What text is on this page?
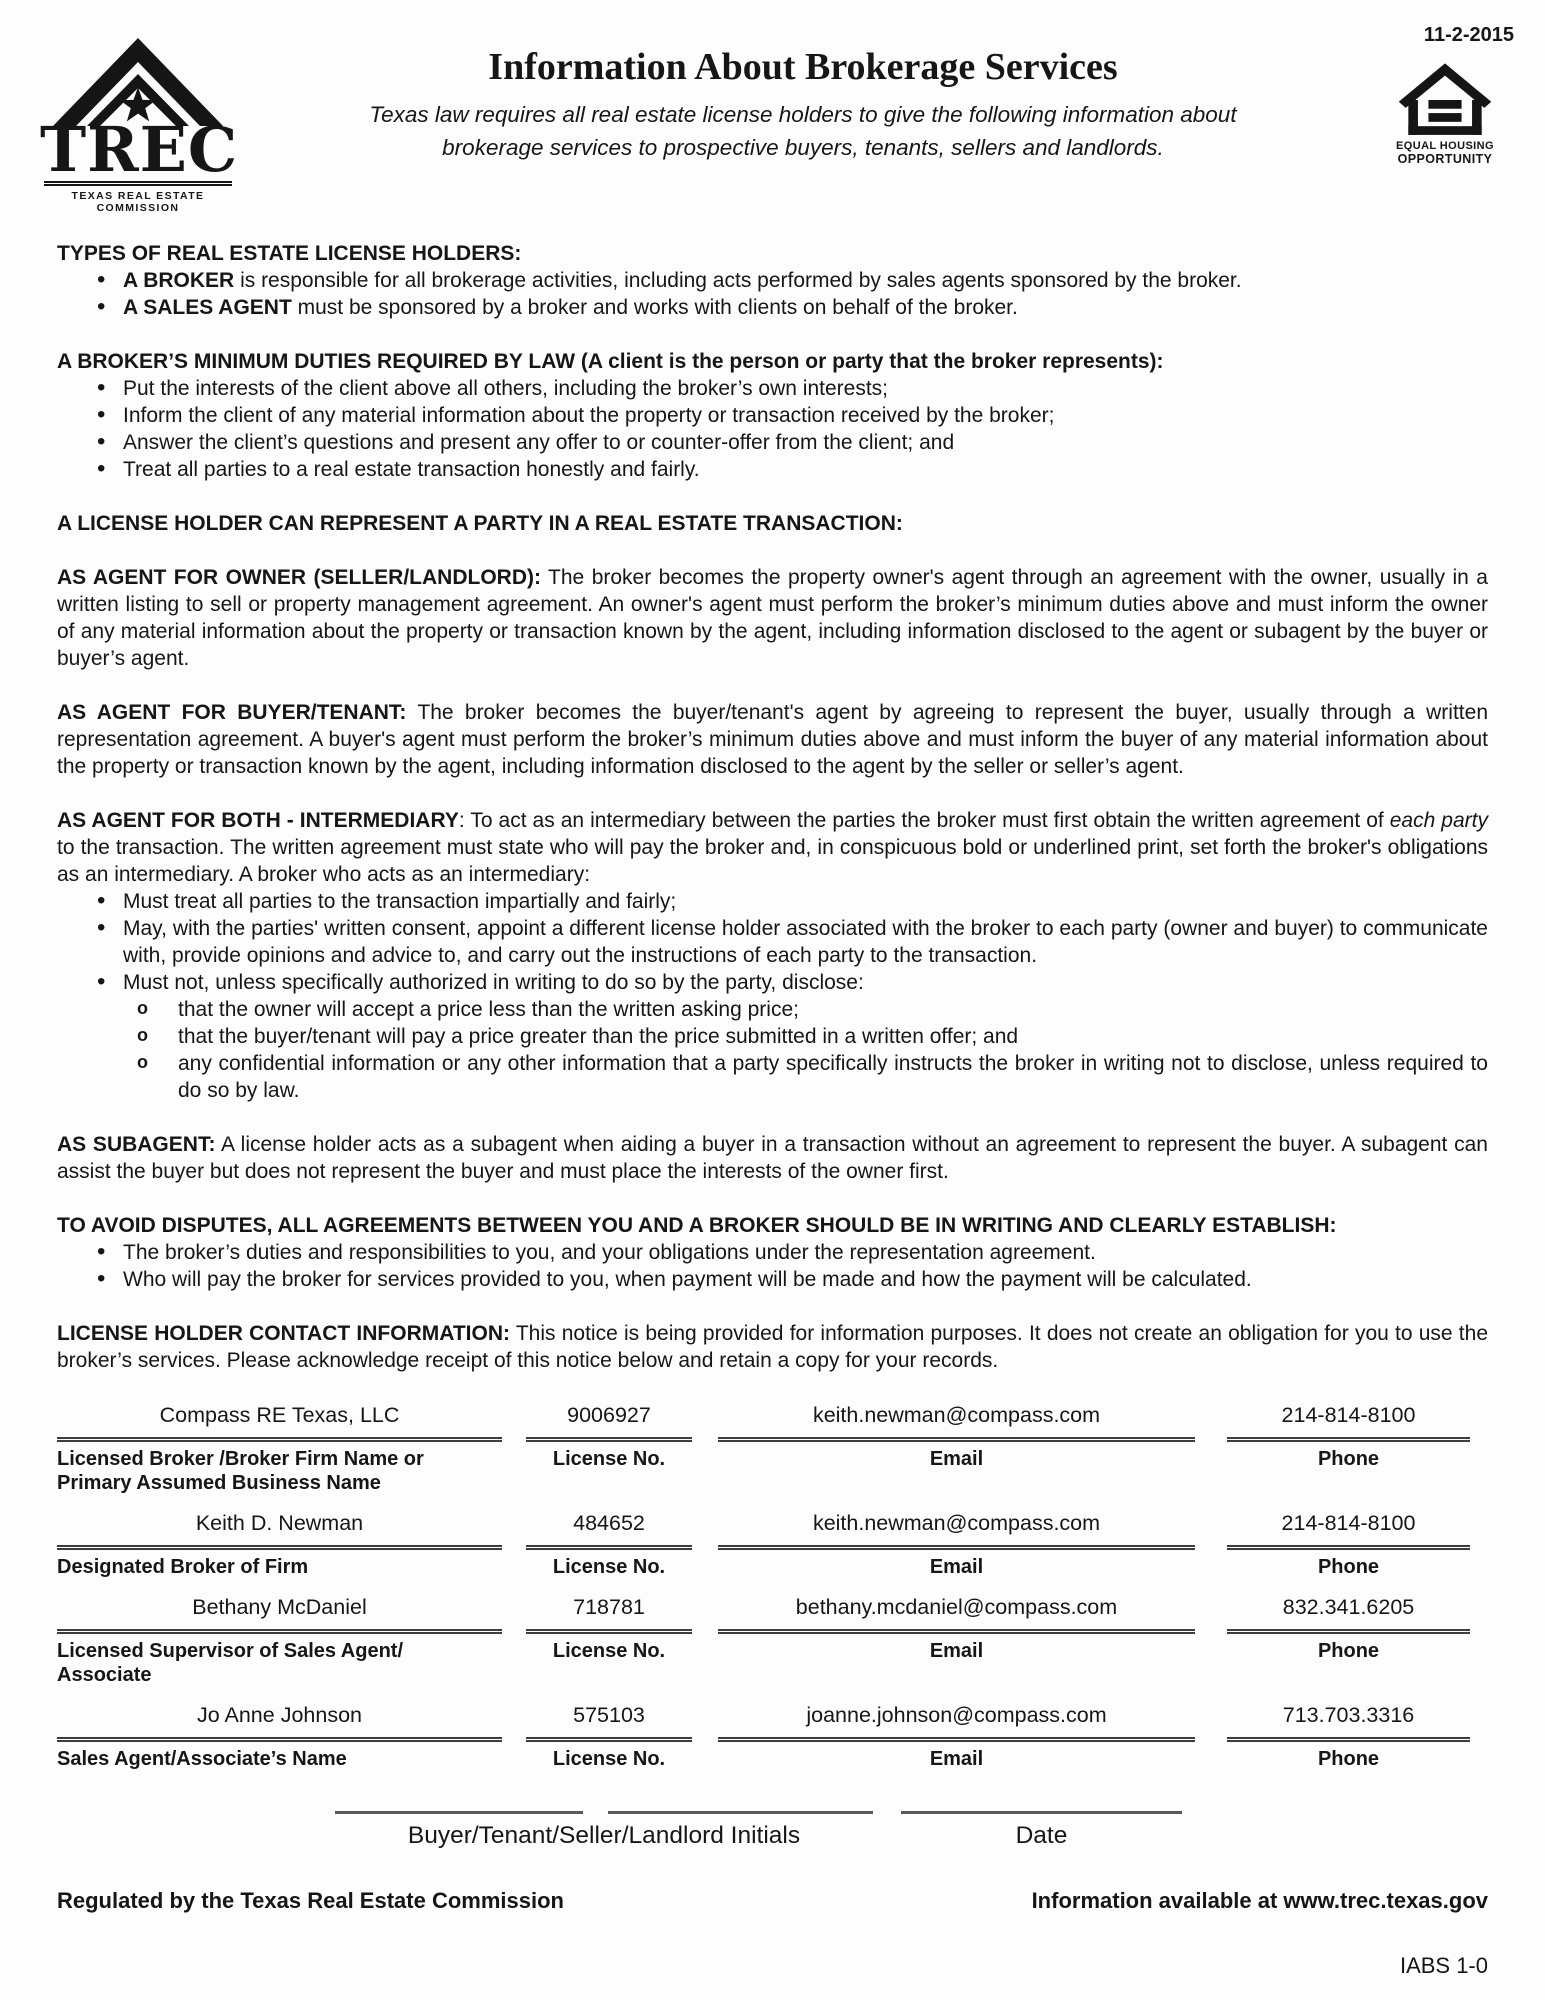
TREC
TEXAS REAL ESTATE COMMISSION
Information About Brokerage Services

Texas law requires all real estate license holders to give the following information about brokerage services to prospective buyers, tenants, sellers and landlords.

11-2-2015
EQUAL HOUSING
OPPORTUNITY
TYPES OF REAL ESTATE LICENSE HOLDERS:
• A BROKER is responsible for all brokerage activities, including acts performed by sales agents sponsored by the broker.
• A SALES AGENT must be sponsored by a broker and works with clients on behalf of the broker.
A BROKER’S MINIMUM DUTIES REQUIRED BY LAW (A client is the person or party that the broker represents):
• Put the interests of the client above all others, including the broker’s own interests;
• Inform the client of any material information about the property or transaction received by the broker;
• Answer the client’s questions and present any offer to or counter-offer from the client; and
• Treat all parties to a real estate transaction honestly and fairly.
A LICENSE HOLDER CAN REPRESENT A PARTY IN A REAL ESTATE TRANSACTION:
AS AGENT FOR OWNER (SELLER/LANDLORD): The broker becomes the property owner's agent through an agreement with the owner, usually in a written listing to sell or property management agreement. An owner's agent must perform the broker’s minimum duties above and must inform the owner of any material information about the property or transaction known by the agent, including information disclosed to the agent or subagent by the buyer or buyer’s agent.
AS AGENT FOR BUYER/TENANT: The broker becomes the buyer/tenant's agent by agreeing to represent the buyer, usually through a written representation agreement. A buyer's agent must perform the broker’s minimum duties above and must inform the buyer of any material information about the property or transaction known by the agent, including information disclosed to the agent by the seller or seller’s agent.
AS AGENT FOR BOTH - INTERMEDIARY: To act as an intermediary between the parties the broker must first obtain the written agreement of each party to the transaction. The written agreement must state who will pay the broker and, in conspicuous bold or underlined print, set forth the broker's obligations as an intermediary. A broker who acts as an intermediary:
• Must treat all parties to the transaction impartially and fairly;
• May, with the parties' written consent, appoint a different license holder associated with the broker to each party (owner and buyer) to communicate with, provide opinions and advice to, and carry out the instructions of each party to the transaction.
• Must not, unless specifically authorized in writing to do so by the party, disclose:
o that the owner will accept a price less than the written asking price;
o that the buyer/tenant will pay a price greater than the price submitted in a written offer; and
o any confidential information or any other information that a party specifically instructs the broker in writing not to disclose, unless required to do so by law.
AS SUBAGENT: A license holder acts as a subagent when aiding a buyer in a transaction without an agreement to represent the buyer. A subagent can assist the buyer but does not represent the buyer and must place the interests of the owner first.
TO AVOID DISPUTES, ALL AGREEMENTS BETWEEN YOU AND A BROKER SHOULD BE IN WRITING AND CLEARLY ESTABLISH:
• The broker’s duties and responsibilities to you, and your obligations under the representation agreement.
• Who will pay the broker for services provided to you, when payment will be made and how the payment will be calculated.
LICENSE HOLDER CONTACT INFORMATION: This notice is being provided for information purposes. It does not create an obligation for you to use the broker’s services. Please acknowledge receipt of this notice below and retain a copy for your records.
Compass RE Texas, LLC
Licensed Broker /Broker Firm Name or Primary Assumed Business Name
9006927
License No.
keith.newman@compass.com
Email
214-814-8100
Phone
Keith D. Newman
Designated Broker of Firm
484652
License No.
keith.newman@compass.com
Email
214-814-8100
Phone
Bethany McDaniel
Licensed Supervisor of Sales Agent/ Associate
718781
License No.
bethany.mcdaniel@compass.com
Email
832.341.6205
Phone
Jo Anne Johnson
Sales Agent/Associate’s Name
575103
License No.
joanne.johnson@compass.com
Email
713.703.3316
Phone
Buyer/Tenant/Seller/Landlord Initials	Date
Regulated by the Texas Real Estate Commission	Information available at www.trec.texas.gov
IABS 1-0
